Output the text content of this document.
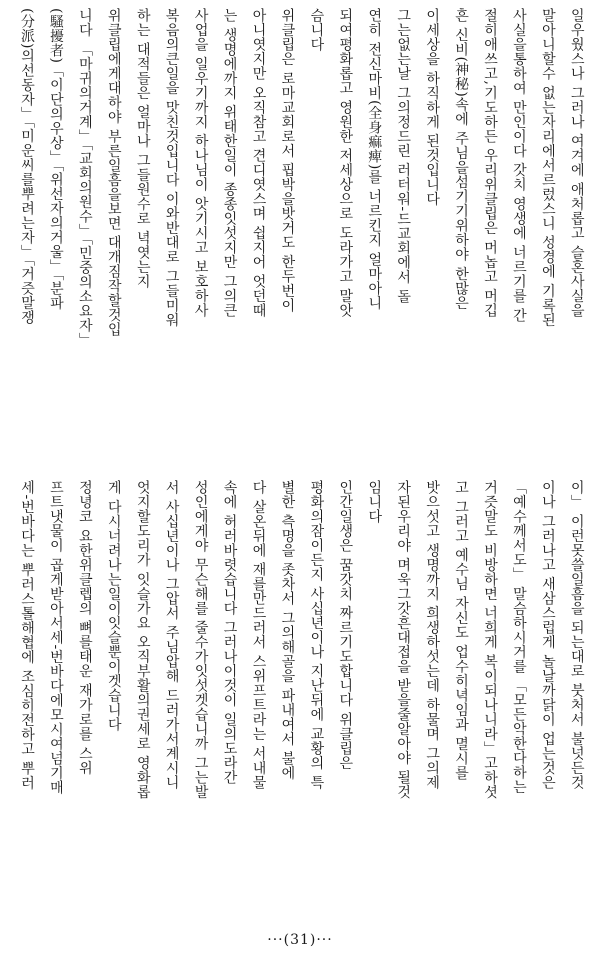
일우웠스나 그러나 여겨에 애처롭고 슬혼사실을
말아니할수 없는자리에서르렀스니 성경에 기록된
사실을통하여 만인이다 갓치 영생에 너르기를 간
절히애쓰고,기도하든 우리위클립은 머놉고 머깁
흔 신비(神秘)속에 주님을섬기기위하야 한많은
이세상을 하직하게 된것입니다
그는없는날 그의정드린 러터워-드교회에서 돌
연히 전신마비(全身痲痺)를 너르킨지 얼마아니
되여평화롭고 영원한 저세상으로 도라가고 말앗
슴니다
위클립은 로마교회로서 핍박을밧거도 한두번이
아니엿지만 오직참고 견디엿스며 쉽지어 엇던때
는 생명에까지 위태한일이 종종잇섯지만 그의큰
사업을 일우기까지 하나님이 앗기시고 보호하사
복음의큰일을 맛친것입니다 이와반대로 그들미워
하는 대적들은 얼마나 그들원수로 녁엿는지
위클립에게대하야 부른일흠을보면 대개짐작할것입
니다 「마귀의거계」「교회의원수」「민중의소요자」
(騷擾者)「이단의우상」「위선자의거울」「분파
(分派)의선동자」「미운씨를뿌려는자」「거즛말쟁
이」 이런못쓸일흠을 되는대로 붓처서 불넛든것
이나 그러나고 새삼스럽게 놀날까닭이 업는것은
「예수께서도」 말슴하시거를 「모든악한다하는
거즛말도 비방하면 너희게 복이되나니라」고하셧
고 그러고 예수님 자신도 업수히녁임과 멸시를
밧으섯고 생명까지 희생하섯는데 하물며 그의제
자된우리야 며욱그갓흔대접을 받을줄알아야 될것
임니다
인간일생은 꿈갓치 짜르기도합니다 위클립은
평화의잠이든지 사십년이나 지난뒤에 교황의 특
별한 측명을 좃차서 그의해골을 파내여서 불에
다 살온뒤에 재를만드러서 스위프트라는 서내물
속에 허러바렷습니다 그러나이것이 일의도라간
성인에게야 무슨해를 줄수가잇섯겟습니까 그는발
서 사십년이나 그압서 주님압해 드러가서계시니
엇지할도리가 잇슬가요 오직부활의권세로 영화롭
게 다시너려나는일이잇슬뿐이겟습니다
정녕코 요한위클렙의 뼈를태운 재가로를 스위
프트냇물이 곱게받아서세-번바다에모시여넘기매
세-번바다는 뿌러스톨해협에 조심히전하고 뿌러
···(31)···
